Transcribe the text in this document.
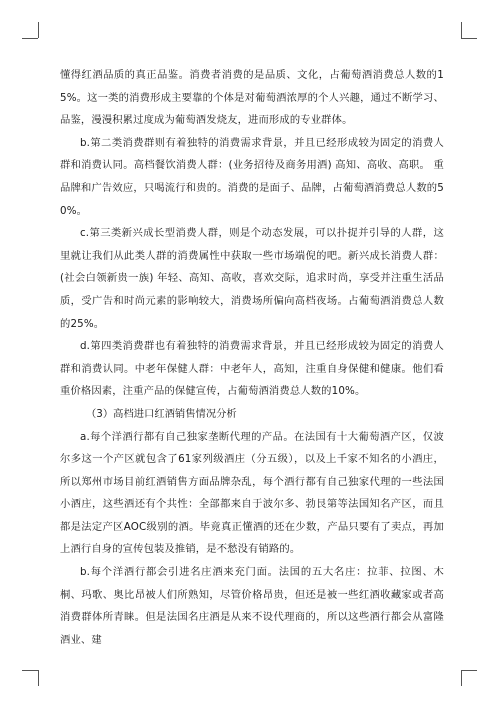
懂得红酒品质的真正品鉴。消费者消费的是品质、文化，占葡萄酒消费总人数的15%。这一类的消费形成主要靠的个体是对葡萄酒浓厚的个人兴趣，通过不断学习、品鉴，漫漫积累过度成为葡萄酒发烧友，进而形成的专业群体。

b.第二类消费群则有着独特的消费需求背景，并且已经形成较为固定的消费人群和消费认同。高档餐饮消费人群：(业务招待及商务用酒) 高知、高收、高职。 重品牌和广告效应，只喝流行和贵的。消费的是面子、品牌，占葡萄酒消费总人数的50%。

c.第三类新兴成长型消费人群，则是个动态发展，可以扑捉并引导的人群，这里就让我们从此类人群的消费属性中获取一些市场端倪的吧。新兴成长消费人群：(社会白领新贵一族) 年轻、高知、高收，喜欢交际，追求时尚，享受并注重生活品质，受广告和时尚元素的影响较大，消费场所偏向高档夜场。占葡萄酒消费总人数的25%。

d.第四类消费群也有着独特的消费需求背景，并且已经形成较为固定的消费人群和消费认同。中老年保健人群：中老年人，高知，注重自身保健和健康。他们看重价格因素，注重产品的保健宣传，占葡萄酒消费总人数的10%。

（3）高档进口红酒销售情况分析

a.每个洋酒行都有自己独家垄断代理的产品。在法国有十大葡萄酒产区，仅波尔多这一个产区就包含了61家列级酒庄（分五级），以及上千家不知名的小酒庄，所以郑州市场目前红酒销售方面品牌杂乱，每个酒行都有自己独家代理的一些法国小酒庄，这些酒还有个共性：全部都来自于波尔多、勃艮第等法国知名产区，而且都是法定产区AOC级别的酒。毕竟真正懂酒的还在少数，产品只要有了卖点，再加上酒行自身的宣传包装及推销，是不愁没有销路的。

b.每个洋酒行都会引进名庄酒来充门面。法国的五大名庄：拉菲、拉图、木桐、玛歌、奥比昂被人们所熟知，尽管价格昂贵，但还是被一些红酒收藏家或者高消费群体所青睐。但是法国名庄酒是从来不设代理商的，所以这些酒行都会从富隆酒业、建
